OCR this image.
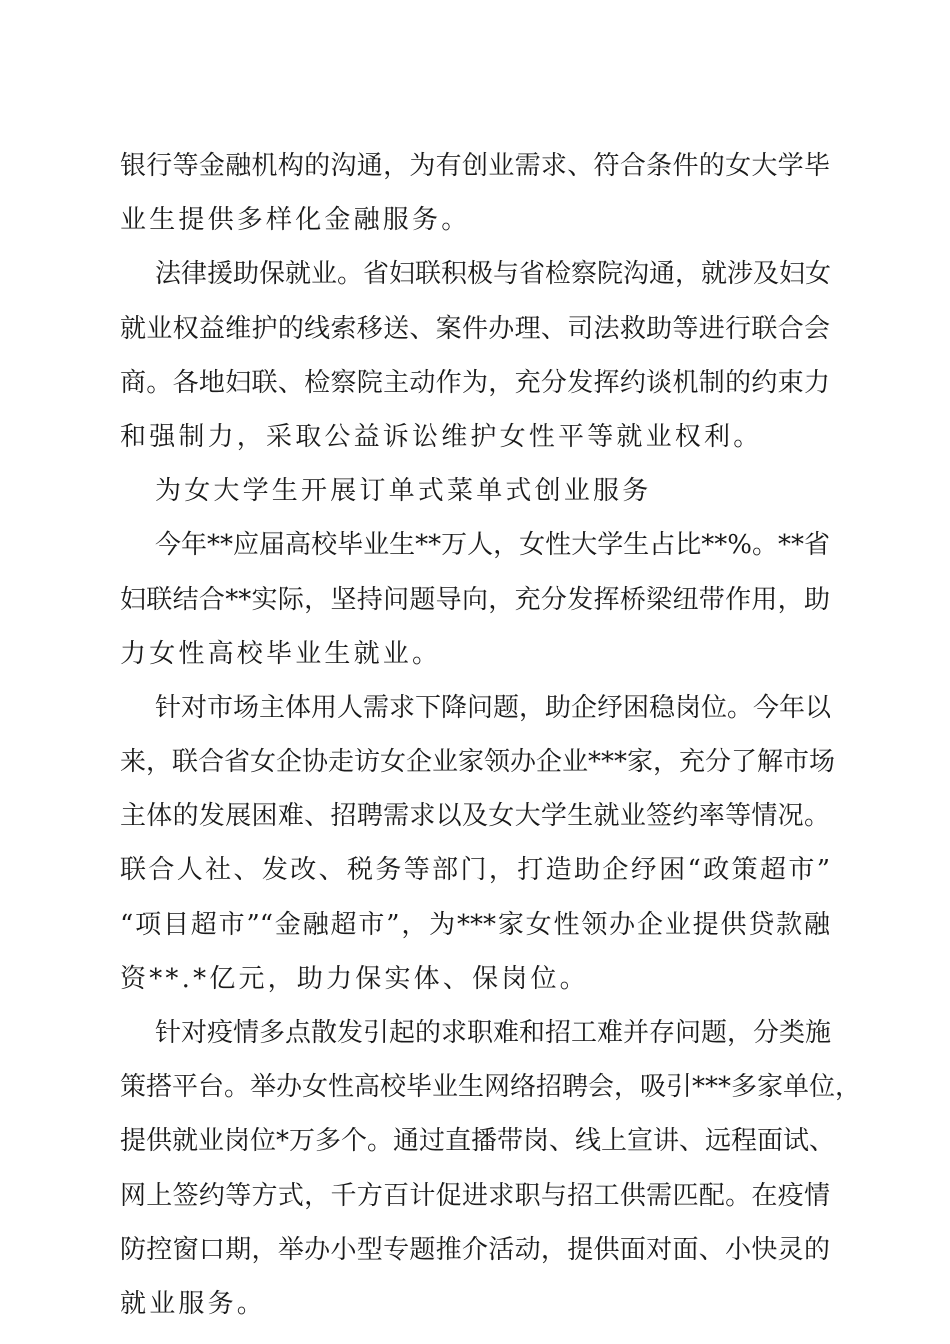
银行等金融机构的沟通，为有创业需求、符合条件的女大学毕
业生提供多样化金融服务。
法律援助保就业。省妇联积极与省检察院沟通，就涉及妇女
就业权益维护的线索移送、案件办理、司法救助等进行联合会
商。各地妇联、检察院主动作为，充分发挥约谈机制的约束力
和强制力，采取公益诉讼维护女性平等就业权利。
为女大学生开展订单式菜单式创业服务
今年**应届高校毕业生**万人，女性大学生占比**%。**省
妇联结合**实际，坚持问题导向，充分发挥桥梁纽带作用，助
力女性高校毕业生就业。
针对市场主体用人需求下降问题，助企纾困稳岗位。今年以
来，联合省女企协走访女企业家领办企业***家，充分了解市场
主体的发展困难、招聘需求以及女大学生就业签约率等情况。
联合人社、发改、税务等部门，打造助企纾困“政策超市”
“项目超市”“金融超市”，为***家女性领办企业提供贷款融
资**.*亿元，助力保实体、保岗位。
针对疫情多点散发引起的求职难和招工难并存问题，分类施
策搭平台。举办女性高校毕业生网络招聘会，吸引***多家单位，
提供就业岗位*万多个。通过直播带岗、线上宣讲、远程面试、
网上签约等方式，千方百计促进求职与招工供需匹配。在疫情
防控窗口期，举办小型专题推介活动，提供面对面、小快灵的
就业服务。
